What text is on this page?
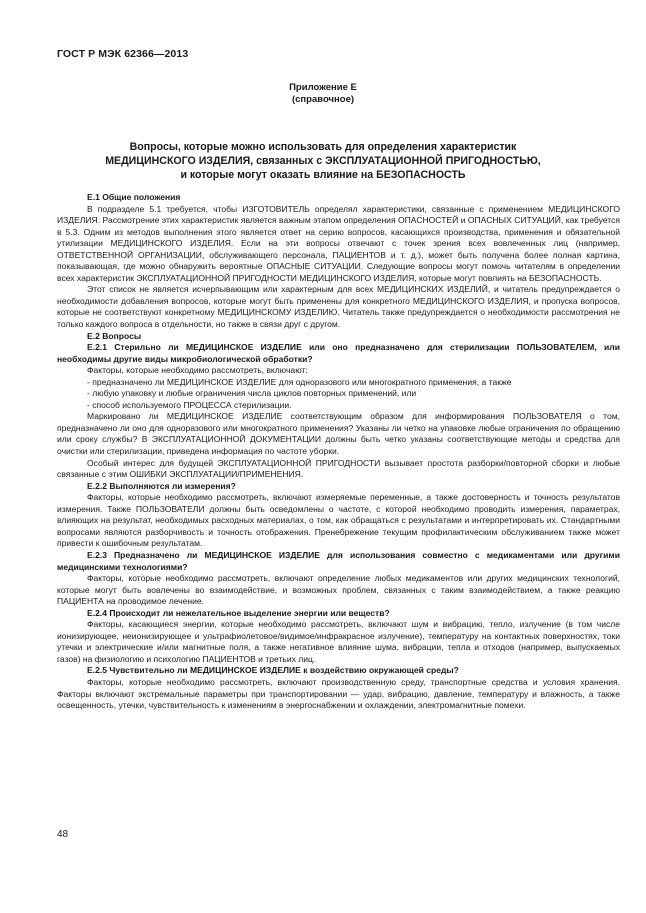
ГОСТ Р МЭК 62366—2013
Приложение Е
(справочное)
Вопросы, которые можно использовать для определения характеристик
МЕДИЦИНСКОГО ИЗДЕЛИЯ, связанных с ЭКСПЛУАТАЦИОННОЙ ПРИГОДНОСТЬЮ,
и которые могут оказать влияние на БЕЗОПАСНОСТЬ

Е.1 Общие положения

В подразделе 5.1 требуется, чтобы ИЗГОТОВИТЕЛЬ определял характеристики, связанные с применением МЕДИЦИНСКОГО ИЗДЕЛИЯ. Рассмотрение этих характеристик является важным этапом определения ОПАСНОСТЕЙ и ОПАСНЫХ СИТУАЦИЙ, как требуется в 5.3. Одним из методов выполнения этого является ответ на серию вопросов, касающихся производства, применения и обязательной утилизации МЕДИЦИНСКОГО ИЗДЕЛИЯ. Если на эти вопросы отвечают с точек зрения всех вовлеченных лиц (например, ОТВЕТСТВЕННОЙ ОРГАНИЗАЦИИ, обслуживающего персонала, ПАЦИЕНТОВ и т. д.), может быть получена более полная картина, показывающая, где можно обнаружить вероятные ОПАСНЫЕ СИТУАЦИИ. Следующие вопросы могут помочь читателям в определении всех характеристик ЭКСПЛУАТАЦИОННОЙ ПРИГОДНОСТИ МЕДИЦИНСКОГО ИЗДЕЛИЯ, которые могут повлиять на БЕЗОПАСНОСТЬ.

Этот список не является исчерпывающим или характерным для всех МЕДИЦИНСКИХ ИЗДЕЛИЙ, и читатель предупреждается о необходимости добавления вопросов, которые могут быть применены для конкретного МЕДИЦИНСКОГО ИЗДЕЛИЯ, и пропуска вопросов, которые не соответствуют конкретному МЕДИЦИНСКОМУ ИЗДЕЛИЮ. Читатель также предупреждается о необходимости рассмотрения не только каждого вопроса в отдельности, но также в связи друг с другом.

Е.2 Вопросы

Е.2.1 Стерильно ли МЕДИЦИНСКОЕ ИЗДЕЛИЕ или оно предназначено для стерилизации ПОЛЬЗОВАТЕЛЕМ, или необходимы другие виды микробиологической обработки?

Факторы, которые необходимо рассмотреть, включают:

- предназначено ли МЕДИЦИНСКОЕ ИЗДЕЛИЕ для одноразового или многократного применения, а также

- любую упаковку и любые ограничения числа циклов повторных применений, или

- способ используемого ПРОЦЕССА стерилизации.

Маркировано ли МЕДИЦИНСКОЕ ИЗДЕЛИЕ соответствующим образом для информирования ПОЛЬЗОВАТЕЛЯ о том, предназначено ли оно для одноразового или многократного применения? Указаны ли четко на упаковке любые ограничения по обращению или сроку службы? В ЭКСПЛУАТАЦИОННОЙ ДОКУМЕНТАЦИИ должны быть четко указаны соответствующие методы и средства для очистки или стерилизации, приведена информация по частоте уборки.

Особый интерес для будущей ЭКСПЛУАТАЦИОННОЙ ПРИГОДНОСТИ вызывает простота разборки/повторной сборки и любые связанные с этим ОШИБКИ ЭКСПЛУАТАЦИИ/ПРИМЕНЕНИЯ.

Е.2.2 Выполняются ли измерения?

Факторы, которые необходимо рассмотреть, включают измеряемые переменные, а также достоверность и точность результатов измерения. Также ПОЛЬЗОВАТЕЛИ должны быть осведомлены о частоте, с которой необходимо проводить измерения, параметрах, влияющих на результат, необходимых расходных материалах, о том, как обращаться с результатами и интерпретировать их. Стандартными вопросами являются разборчивость и точность отображения. Пренебрежение текущим профилактическим обслуживанием также может привести к ошибочным результатам.

Е.2.3 Предназначено ли МЕДИЦИНСКОЕ ИЗДЕЛИЕ для использования совместно с медикаментами или другими медицинскими технологиями?

Факторы, которые необходимо рассмотреть, включают определение любых медикаментов или других медицинских технологий, которые могут быть вовлечены во взаимодействие, и возможных проблем, связанных с таким взаимодействием, а также реакцию ПАЦИЕНТА на проводимое лечение.

Е.2.4 Происходит ли нежелательное выделение энергии или веществ?

Факторы, касающиеся энергии, которые необходимо рассмотреть, включают шум и вибрацию, тепло, излучение (в том числе ионизирующее, неионизирующее и ультрафиолетовое/видимое/инфракрасное излучение), температуру на контактных поверхностях, токи утечки и электрические и/или магнитные поля, а также негативное влияние шума, вибрации, тепла и отходов (например, выпускаемых газов) на физиологию и психологию ПАЦИЕНТОВ и третьих лиц.

Е.2.5 Чувствительно ли МЕДИЦИНСКОЕ ИЗДЕЛИЕ к воздействию окружающей среды?

Факторы, которые необходимо рассмотреть, включают производственную среду, транспортные средства и условия хранения. Факторы включают экстремальные параметры при транспортировании — удар, вибрацию, давление, температуру и влажность, а также освещенность, утечки, чувствительность к изменениям в энергоснабжении и охлаждении, электромагнитные помехи.

48
